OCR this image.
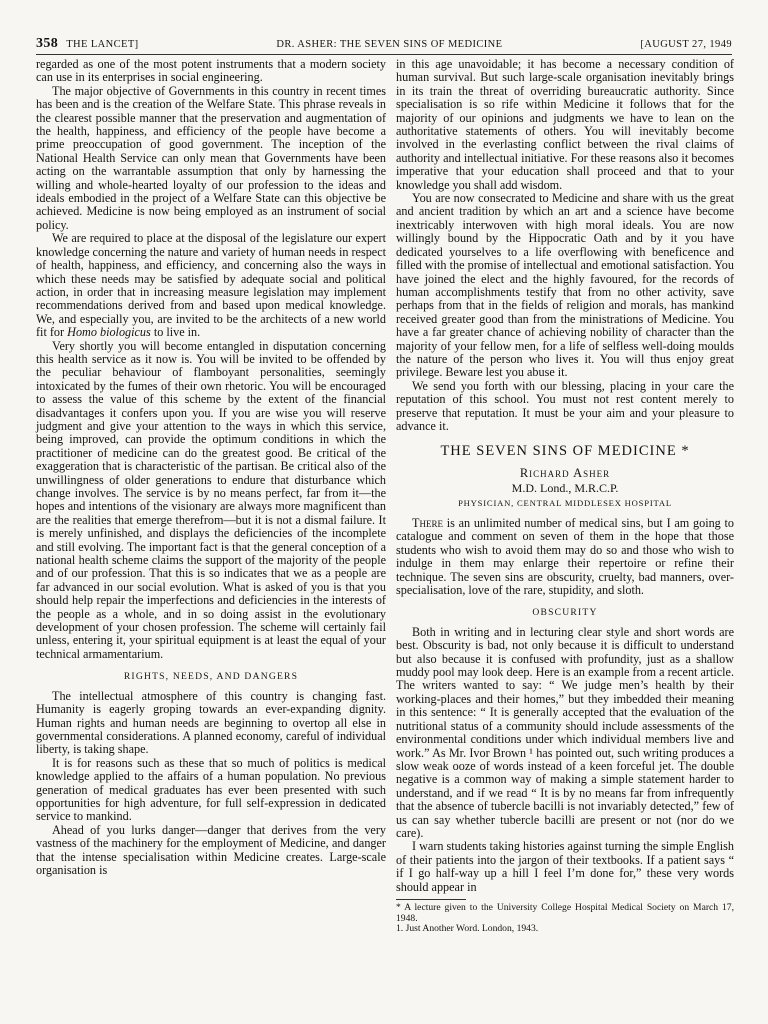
358 THE LANCET]	DR. ASHER: THE SEVEN SINS OF MEDICINE	[AUGUST 27, 1949

regarded as one of the most potent instruments that a modern society can use in its enterprises in social engineering.

The major objective of Governments in this country in recent times has been and is the creation of the Welfare State. This phrase reveals in the clearest possible manner that the preservation and augmentation of the health, happiness, and efficiency of the people have become a prime preoccupation of good government. The inception of the National Health Service can only mean that Governments have been acting on the warrantable assumption that only by harnessing the willing and whole-hearted loyalty of our profession to the ideas and ideals embodied in the project of a Welfare State can this objective be achieved. Medicine is now being employed as an instrument of social policy.

We are required to place at the disposal of the legislature our expert knowledge concerning the nature and variety of human needs in respect of health, happiness, and efficiency, and concerning also the ways in which these needs may be satisfied by adequate social and political action, in order that in increasing measure legislation may implement recommendations derived from and based upon medical knowledge. We, and especially you, are invited to be the architects of a new world fit for Homo biologicus to live in.

Very shortly you will become entangled in disputation concerning this health service as it now is. You will be invited to be offended by the peculiar behaviour of flamboyant personalities, seemingly intoxicated by the fumes of their own rhetoric. You will be encouraged to assess the value of this scheme by the extent of the financial disadvantages it confers upon you. If you are wise you will reserve judgment and give your attention to the ways in which this service, being improved, can provide the optimum conditions in which the practitioner of medicine can do the greatest good. Be critical of the exaggeration that is characteristic of the partisan. Be critical also of the unwillingness of older generations to endure that disturbance which change involves. The service is by no means perfect, far from it—the hopes and intentions of the visionary are always more magnificent than are the realities that emerge therefrom—but it is not a dismal failure. It is merely unfinished, and displays the deficiencies of the incomplete and still evolving. The important fact is that the general conception of a national health scheme claims the support of the majority of the people and of our profession. That this is so indicates that we as a people are far advanced in our social evolution. What is asked of you is that you should help repair the imperfections and deficiencies in the interests of the people as a whole, and in so doing assist in the evolutionary development of your chosen profession. The scheme will certainly fail unless, entering it, your spiritual equipment is at least the equal of your technical armamentarium.

RIGHTS, NEEDS, AND DANGERS

The intellectual atmosphere of this country is changing fast. Humanity is eagerly groping towards an ever-expanding dignity. Human rights and human needs are beginning to overtop all else in governmental considerations. A planned economy, careful of individual liberty, is taking shape.

It is for reasons such as these that so much of politics is medical knowledge applied to the affairs of a human population. No previous generation of medical graduates has ever been presented with such opportunities for high adventure, for full self-expression in dedicated service to mankind.

Ahead of you lurks danger—danger that derives from the very vastness of the machinery for the employment of Medicine, and danger that the intense specialisation within Medicine creates. Large-scale organisation is

in this age unavoidable; it has become a necessary condition of human survival. But such large-scale organisation inevitably brings in its train the threat of overriding bureaucratic authority. Since specialisation is so rife within Medicine it follows that for the majority of our opinions and judgments we have to lean on the authoritative statements of others. You will inevitably become involved in the everlasting conflict between the rival claims of authority and intellectual initiative. For these reasons also it becomes imperative that your education shall proceed and that to your knowledge you shall add wisdom.

You are now consecrated to Medicine and share with us the great and ancient tradition by which an art and a science have become inextricably interwoven with high moral ideals. You are now willingly bound by the Hippocratic Oath and by it you have dedicated yourselves to a life overflowing with beneficence and filled with the promise of intellectual and emotional satisfaction. You have joined the elect and the highly favoured, for the records of human accomplishments testify that from no other activity, save perhaps from that in the fields of religion and morals, has mankind received greater good than from the ministrations of Medicine. You have a far greater chance of achieving nobility of character than the majority of your fellow men, for a life of selfless well-doing moulds the nature of the person who lives it. You will thus enjoy great privilege. Beware lest you abuse it.

We send you forth with our blessing, placing in your care the reputation of this school. You must not rest content merely to preserve that reputation. It must be your aim and your pleasure to advance it.

THE SEVEN SINS OF MEDICINE *
Richard Asher
M.D. Lond., M.R.C.P.
PHYSICIAN, CENTRAL MIDDLESEX HOSPITAL

There is an unlimited number of medical sins, but I am going to catalogue and comment on seven of them in the hope that those students who wish to avoid them may do so and those who wish to indulge in them may enlarge their repertoire or refine their technique. The seven sins are obscurity, cruelty, bad manners, over-specialisation, love of the rare, stupidity, and sloth.

OBSCURITY

Both in writing and in lecturing clear style and short words are best. Obscurity is bad, not only because it is difficult to understand but also because it is confused with profundity, just as a shallow muddy pool may look deep. Here is an example from a recent article. The writers wanted to say: “ We judge men’s health by their working-places and their homes,” but they imbedded their meaning in this sentence: “ It is generally accepted that the evaluation of the nutritional status of a community should include assessments of the environmental conditions under which individual members live and work.” As Mr. Ivor Brown ¹ has pointed out, such writing produces a slow weak ooze of words instead of a keen forceful jet. The double negative is a common way of making a simple statement harder to understand, and if we read “ It is by no means far from infrequently that the absence of tubercle bacilli is not invariably detected,” few of us can say whether tubercle bacilli are present or not (nor do we care).

I warn students taking histories against turning the simple English of their patients into the jargon of their textbooks. If a patient says “ if I go half-way up a hill I feel I’m done for,” these very words should appear in

* A lecture given to the University College Hospital Medical Society on March 17, 1948.

1. Just Another Word. London, 1943.
